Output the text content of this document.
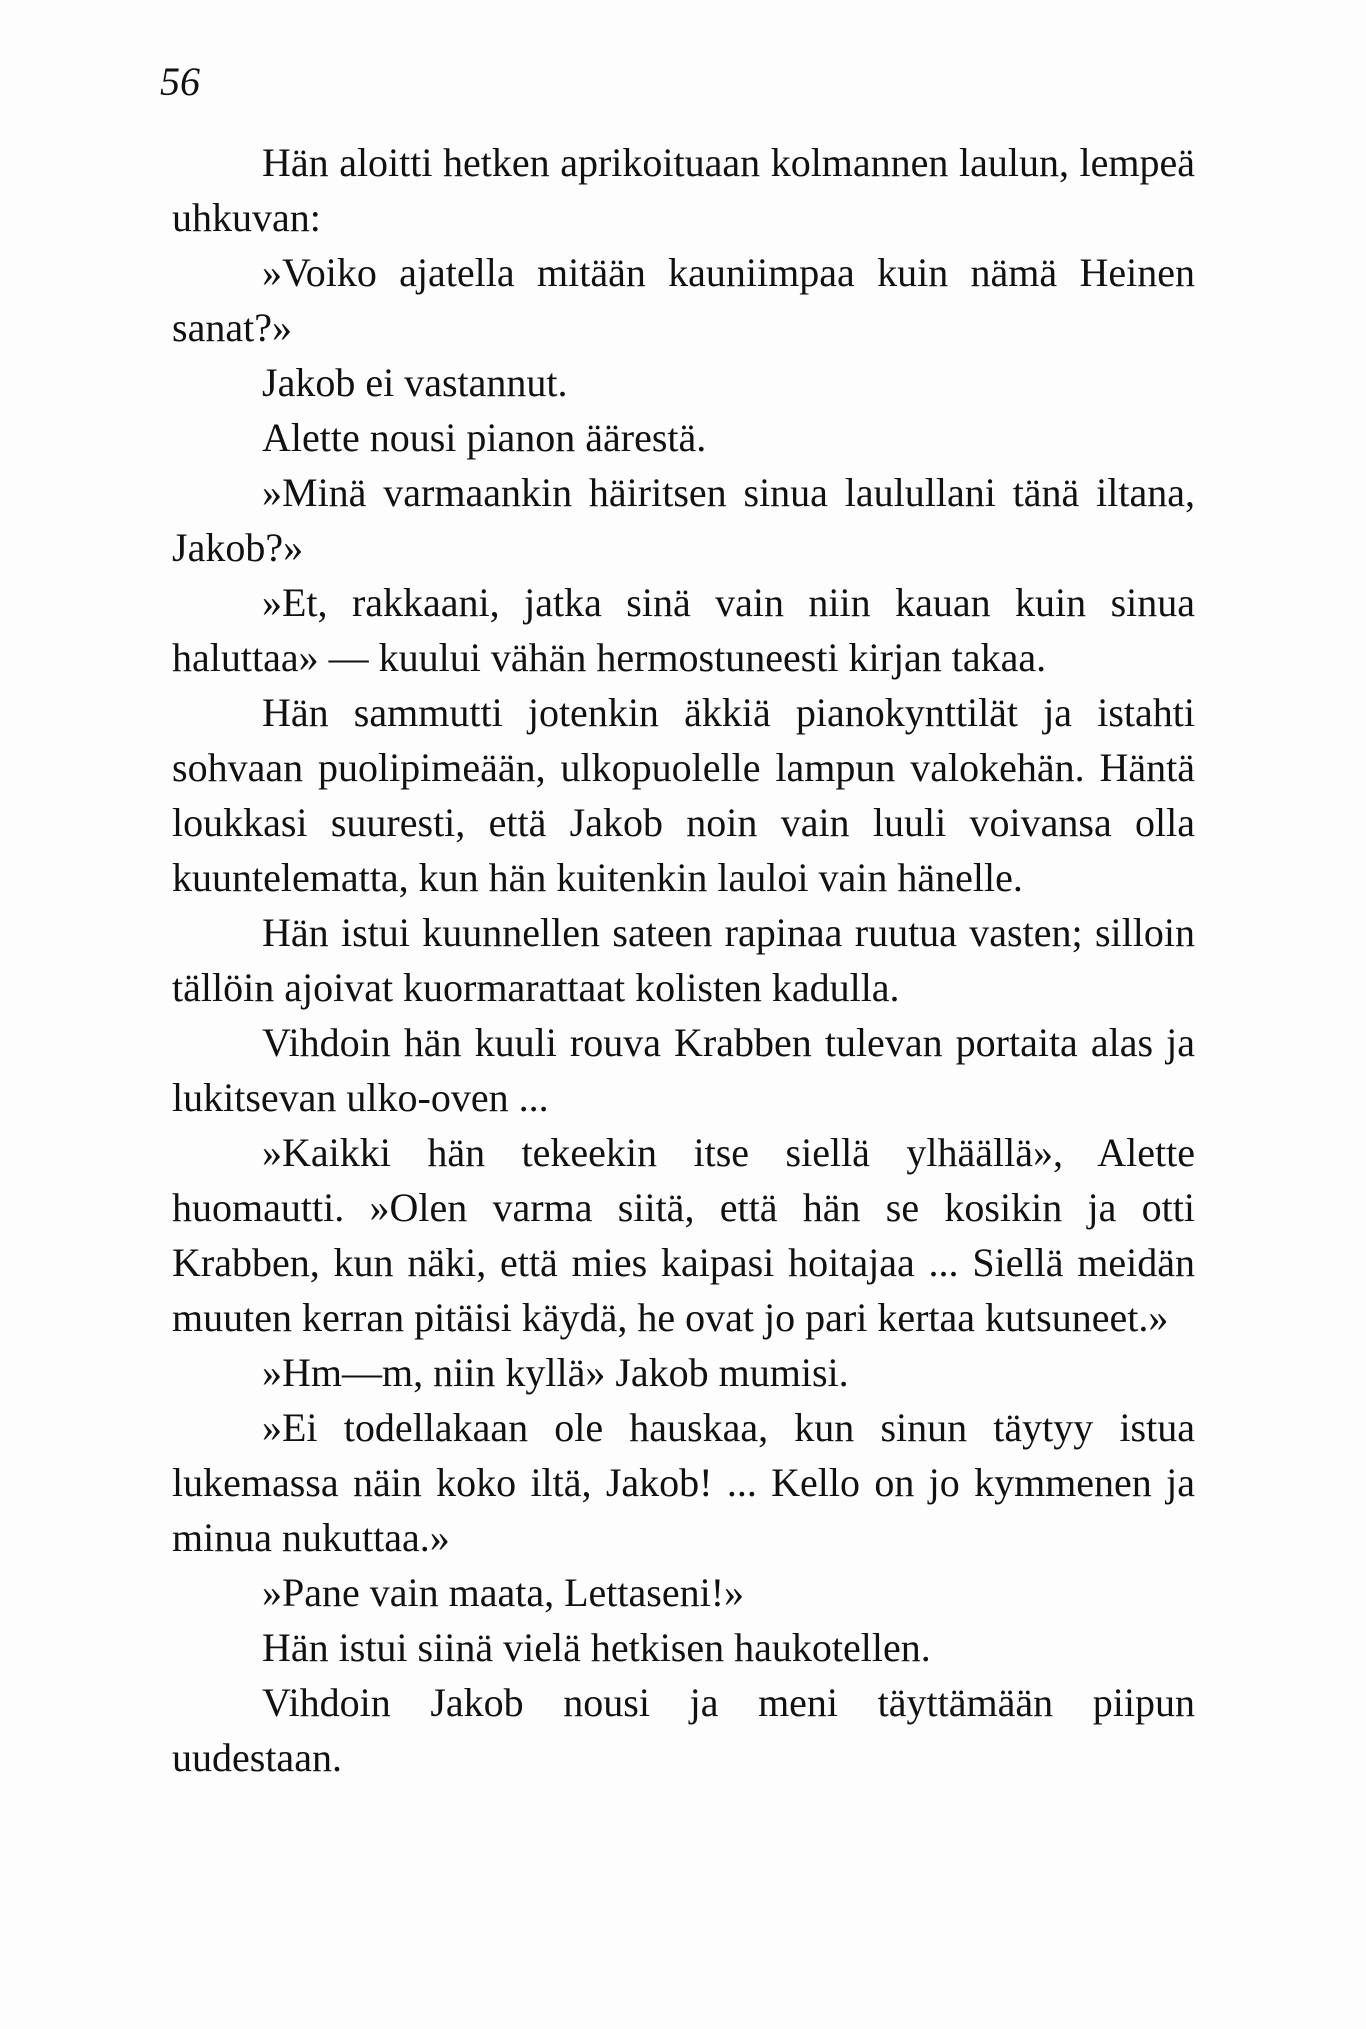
56

Hän aloitti hetken aprikoituaan kolmannen laulun, lempeä uhkuvan:

»Voiko ajatella mitään kauniimpaa kuin nämä Heinen sanat?»

Jakob ei vastannut.

Alette nousi pianon äärestä.

»Minä varmaankin häiritsen sinua laulullani tänä iltana, Jakob?»

»Et, rakkaani, jatka sinä vain niin kauan kuin sinua haluttaa» — kuului vähän hermostuneesti kirjan takaa.

Hän sammutti jotenkin äkkiä pianokynttilät ja istahti sohvaan puolipimeään, ulkopuolelle lampun valokehän. Häntä loukkasi suuresti, että Jakob noin vain luuli voivansa olla kuuntelematta, kun hän kuitenkin lauloi vain hänelle.

Hän istui kuunnellen sateen rapinaa ruutua vasten; silloin tällöin ajoivat kuormarattaat kolisten kadulla.

Vihdoin hän kuuli rouva Krabben tulevan portaita alas ja lukitsevan ulko-oven ...

»Kaikki hän tekeekin itse siellä ylhäällä», Alette huomautti. »Olen varma siitä, että hän se kosikin ja otti Krabben, kun näki, että mies kaipasi hoitajaa ... Siellä meidän muuten kerran pitäisi käydä, he ovat jo pari kertaa kutsuneet.»

»Hm—m, niin kyllä» Jakob mumisi.

»Ei todellakaan ole hauskaa, kun sinun täytyy istua lukemassa näin koko iltä, Jakob! ... Kello on jo kymmenen ja minua nukuttaa.»

»Pane vain maata, Lettaseni!»

Hän istui siinä vielä hetkisen haukotellen.

Vihdoin Jakob nousi ja meni täyttämään piipun uudestaan.
